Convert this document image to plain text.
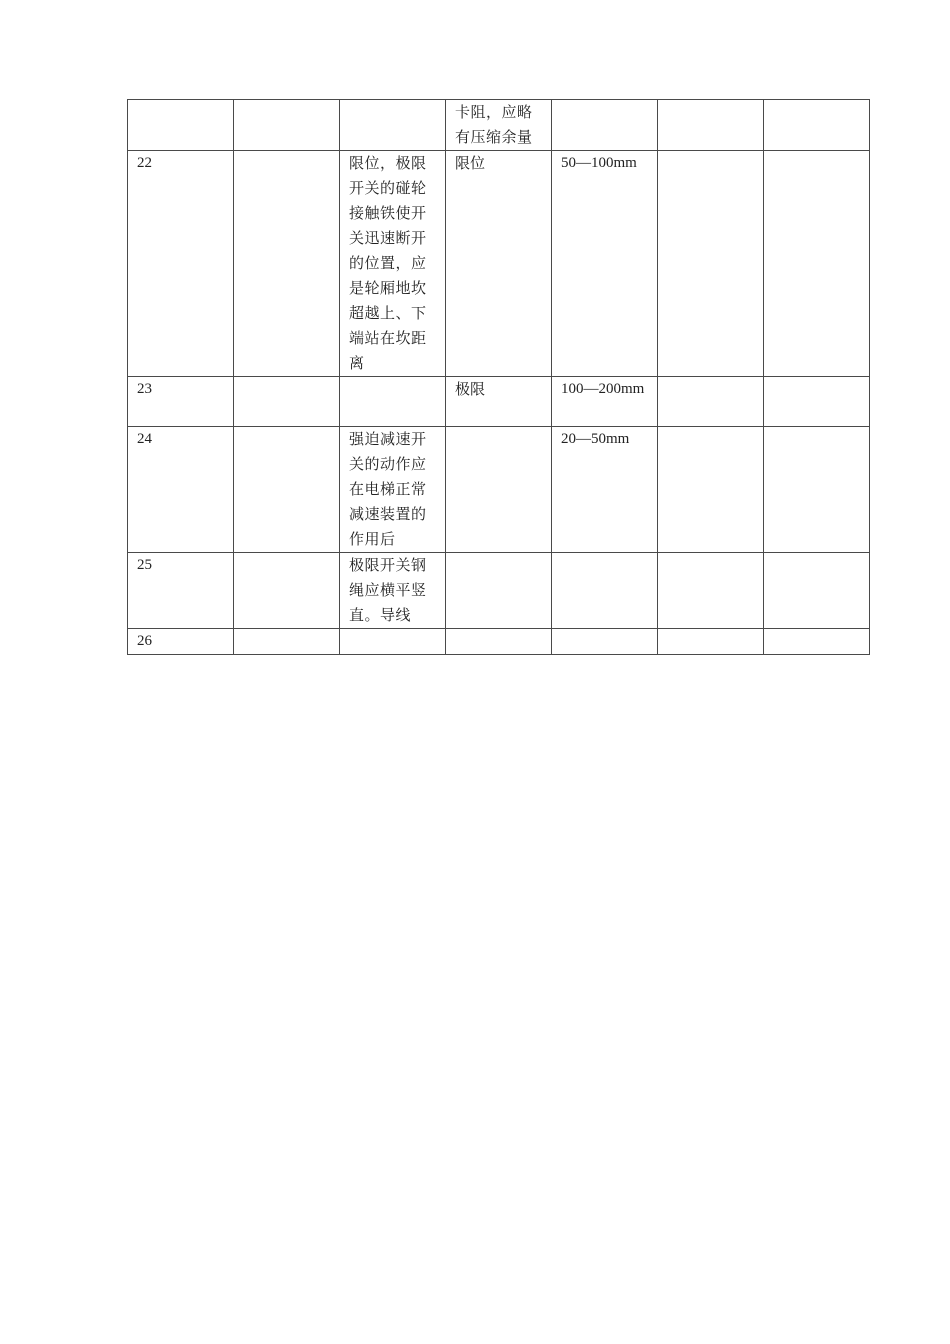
			卡阻，应略有压缩余量			

22		限位，极限开关的碰轮接触铁使开关迅速断开的位置，应是轮厢地坎超越上、下端站在坎距离	限位	50—100mm		
23			极限	100—200mm		
24		强迫减速开关的动作应在电梯正常减速装置的作用后		20—50mm		
25		极限开关钢绳应横平竖直。导线				

26						
